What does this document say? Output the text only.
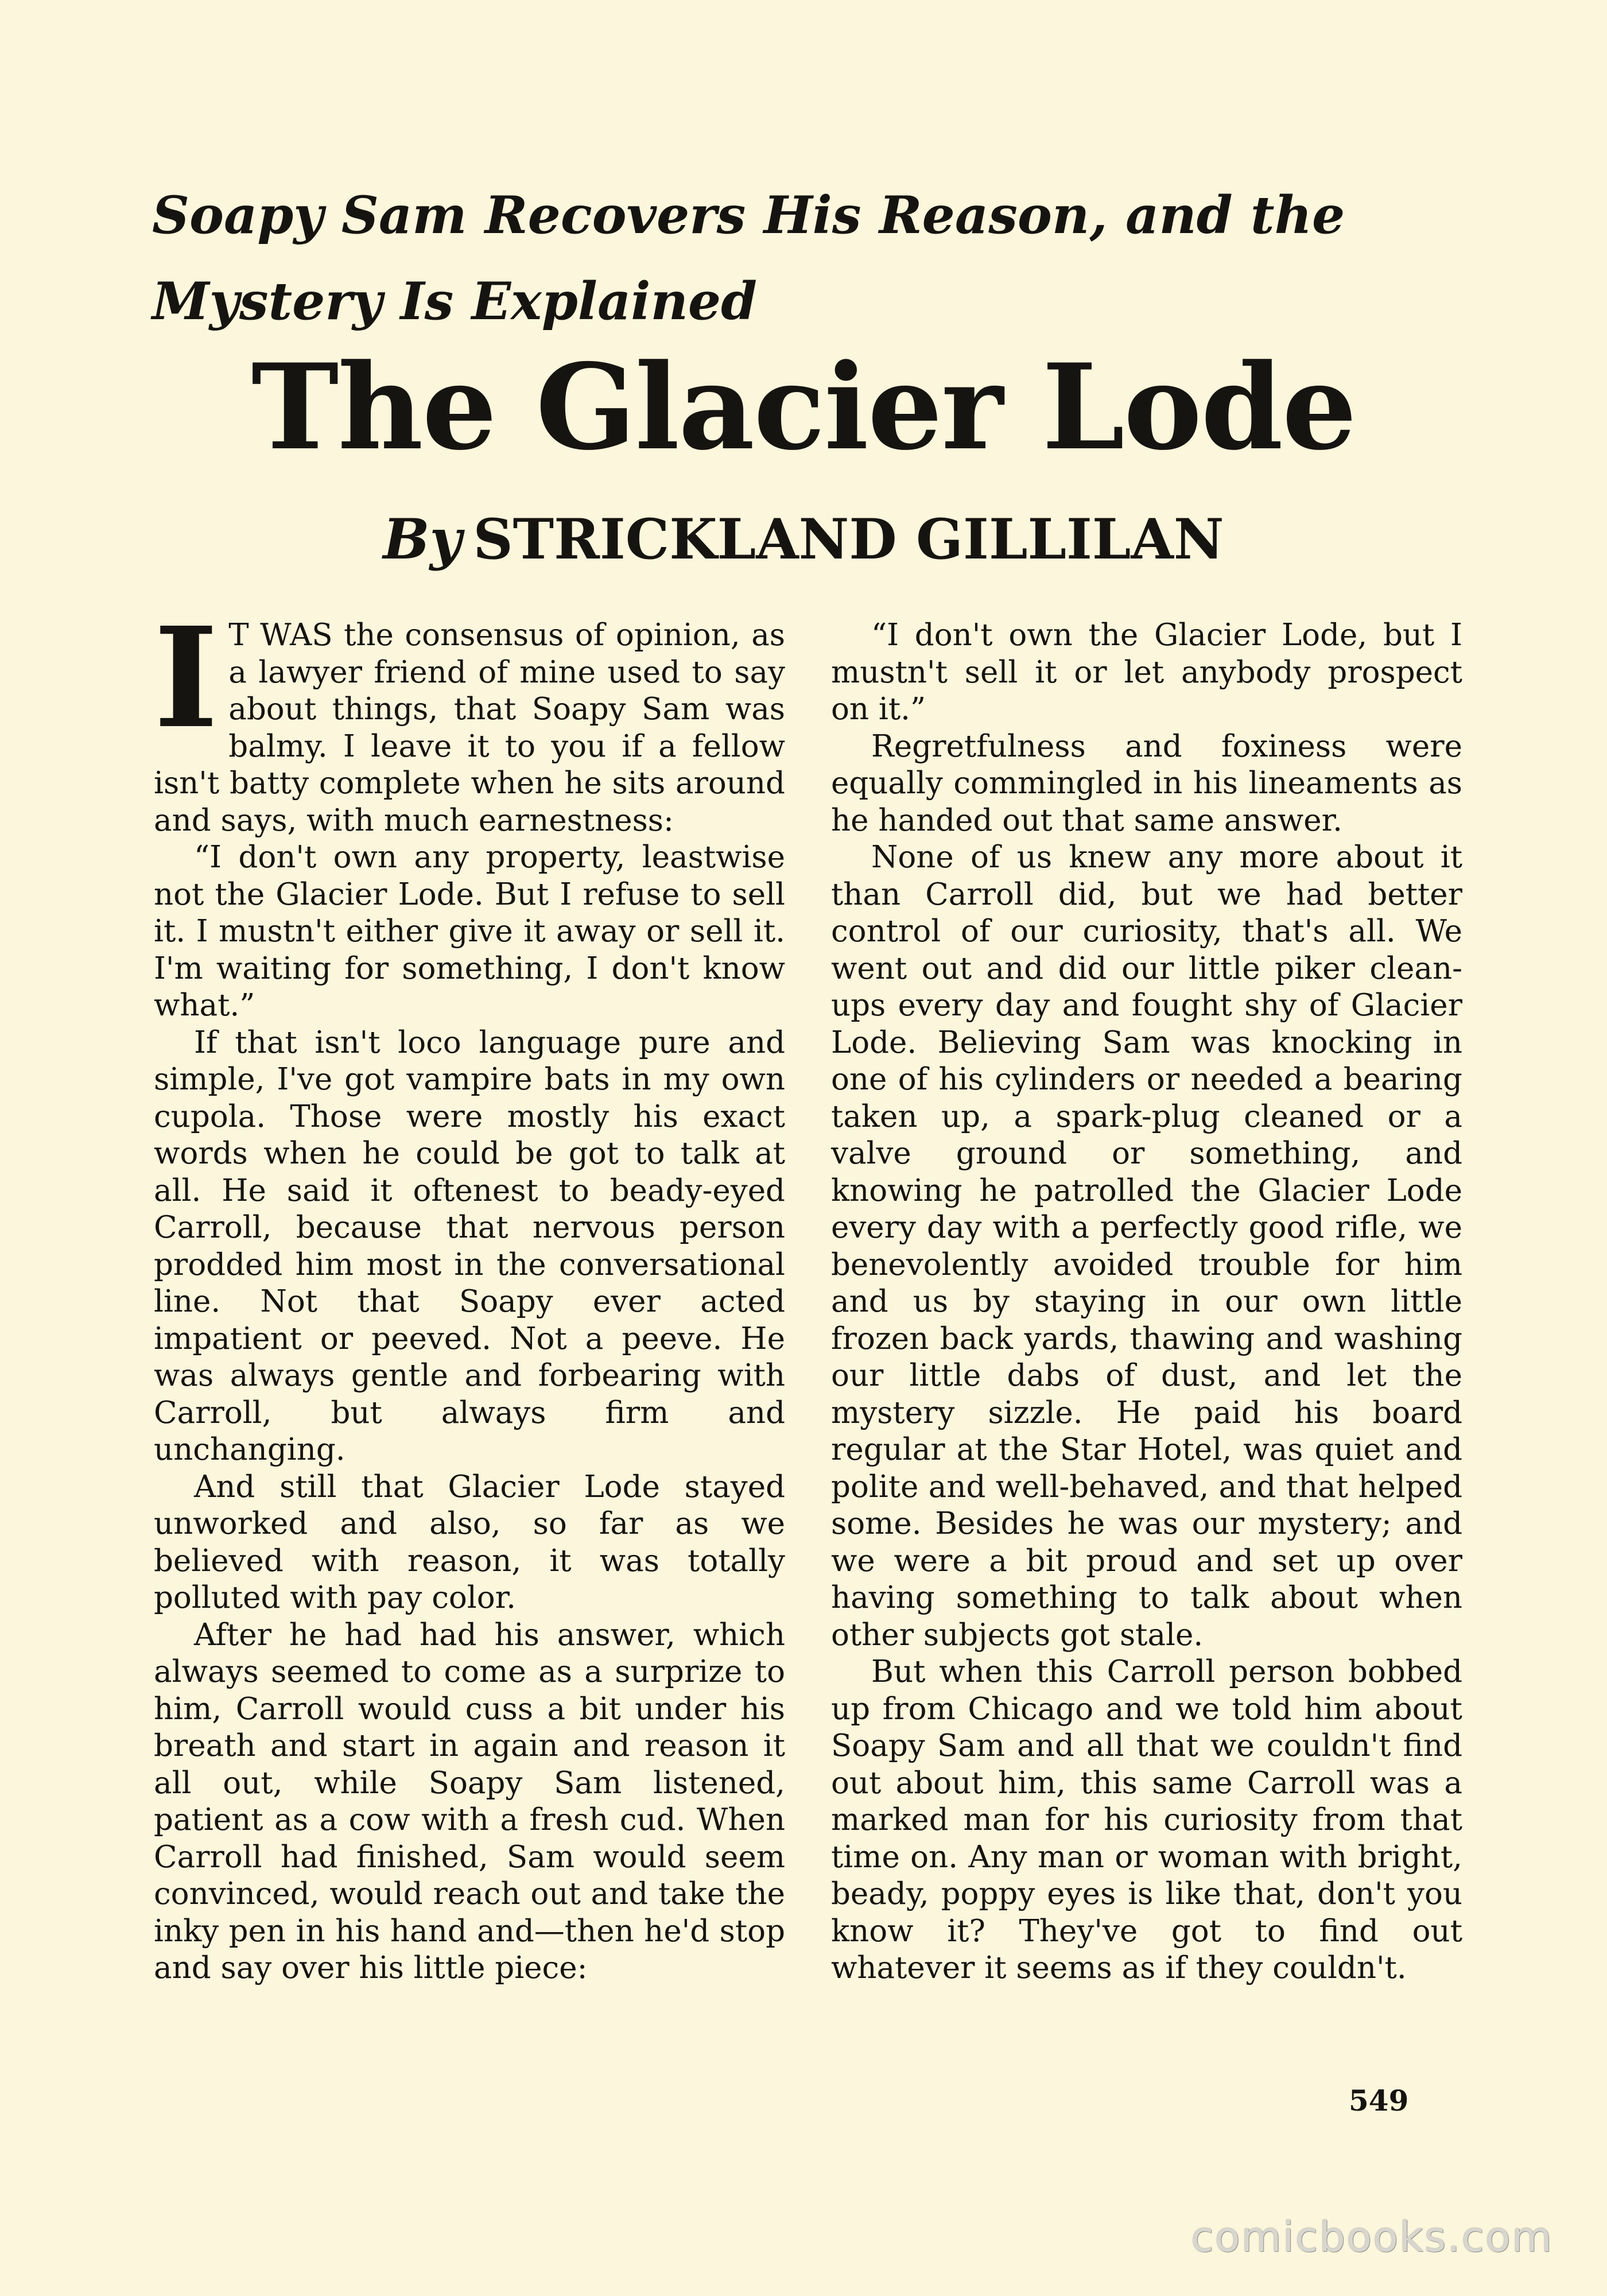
Soapy Sam Recovers His Reason, and the Mystery Is Explained
The Glacier Lode
By STRICKLAND GILLILAN

I T WAS the consensus of opinion, as a lawyer friend of mine used to say about things, that Soapy Sam was balmy. I leave it to you if a fellow isn't batty complete when he sits around and says, with much earnestness:

“I don't own any property, leastwise not the Glacier Lode. But I refuse to sell it. I mustn't either give it away or sell it. I'm waiting for something, I don't know what.”

If that isn't loco language pure and simple, I've got vampire bats in my own cupola. Those were mostly his exact words when he could be got to talk at all. He said it oftenest to beady-eyed Carroll, because that nervous person prodded him most in the conversational line. Not that Soapy ever acted impatient or peeved. Not a peeve. He was always gentle and forbearing with Carroll, but always firm and unchanging.

And still that Glacier Lode stayed unworked and also, so far as we believed with reason, it was totally polluted with pay color.

After he had had his answer, which always seemed to come as a surprize to him, Carroll would cuss a bit under his breath and start in again and reason it all out, while Soapy Sam listened, patient as a cow with a fresh cud. When Carroll had finished, Sam would seem convinced, would reach out and take the inky pen in his hand and—then he'd stop and say over his little piece:

“I don't own the Glacier Lode, but I mustn't sell it or let anybody prospect on it.”

Regretfulness and foxiness were equally commingled in his lineaments as he handed out that same answer.

None of us knew any more about it than Carroll did, but we had better control of our curiosity, that's all. We went out and did our little piker clean-ups every day and fought shy of Glacier Lode. Believing Sam was knocking in one of his cylinders or needed a bearing taken up, a spark-plug cleaned or a valve ground or something, and knowing he patrolled the Glacier Lode every day with a perfectly good rifle, we benevolently avoided trouble for him and us by staying in our own little frozen back yards, thawing and washing our little dabs of dust, and let the mystery sizzle. He paid his board regular at the Star Hotel, was quiet and polite and well-behaved, and that helped some. Besides he was our mystery; and we were a bit proud and set up over having something to talk about when other subjects got stale.

But when this Carroll person bobbed up from Chicago and we told him about Soapy Sam and all that we couldn't find out about him, this same Carroll was a marked man for his curiosity from that time on. Any man or woman with bright, beady, poppy eyes is like that, don't you know it? They've got to find out whatever it seems as if they couldn't.

549
comicbooks.com
